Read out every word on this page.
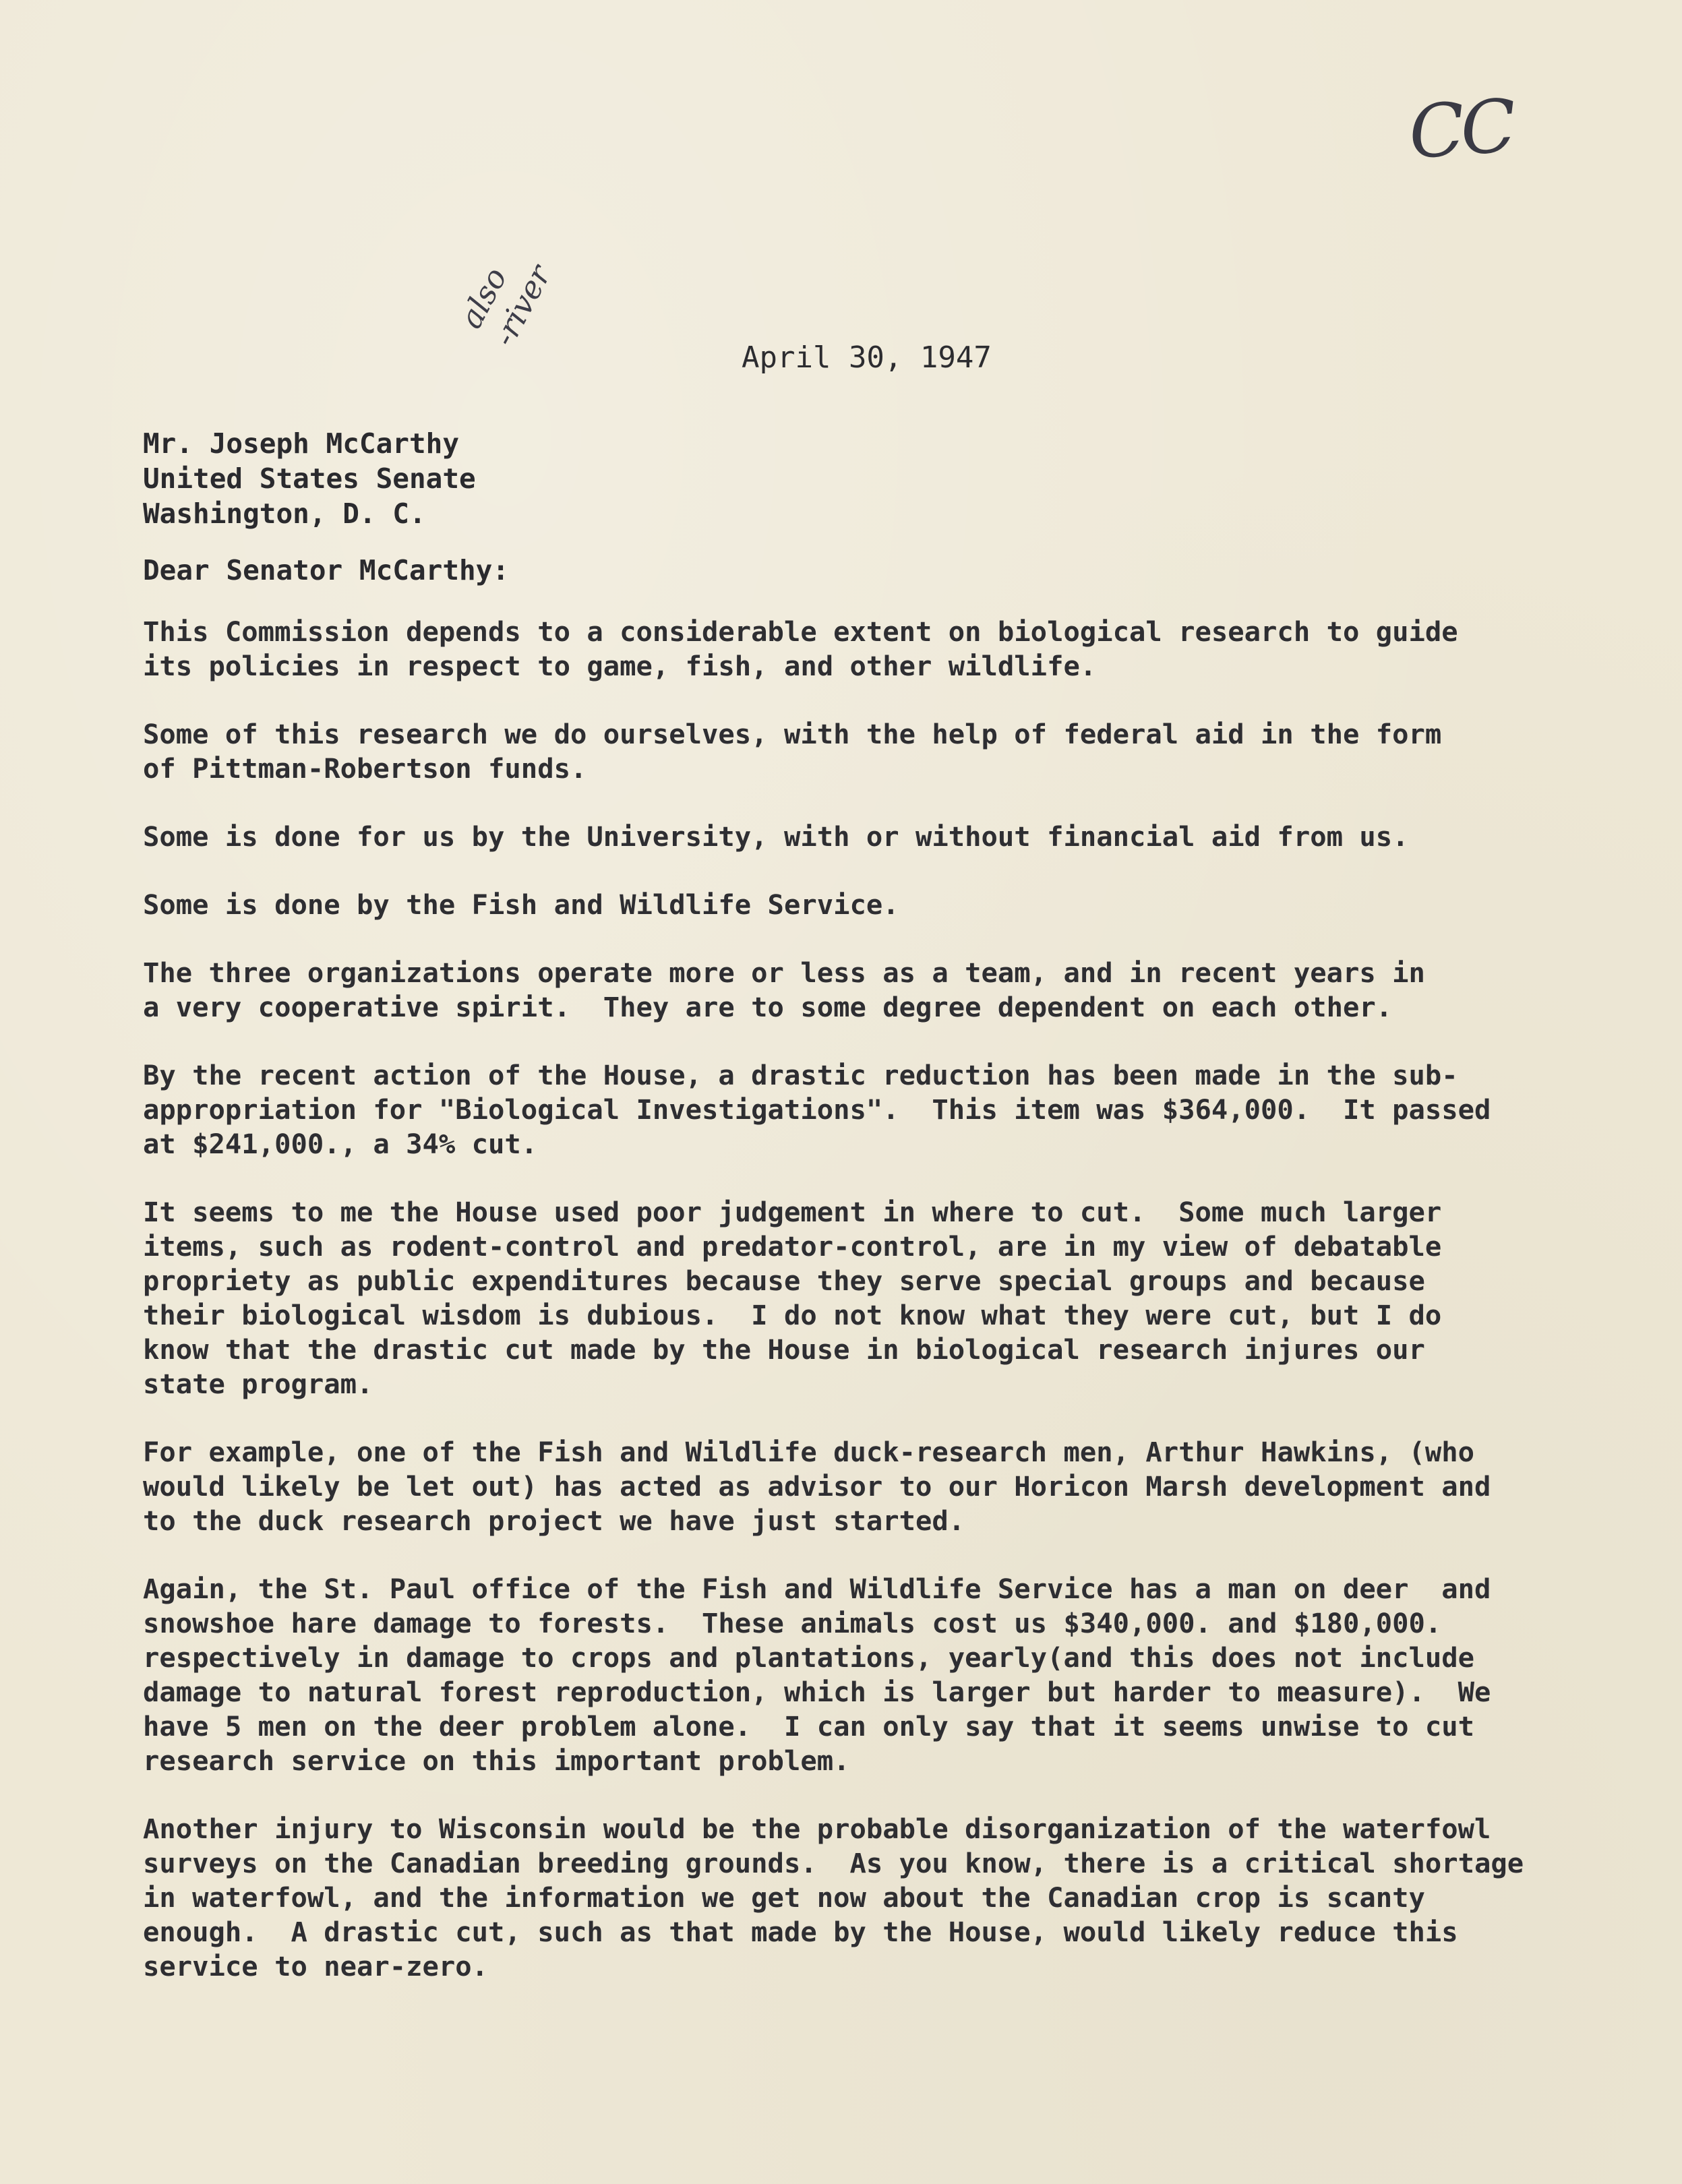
CC
also
-river
April 30, 1947
Mr. Joseph McCarthy
United States Senate
Washington, D. C.
Dear Senator McCarthy:
This Commission depends to a considerable extent on biological research to guide
its policies in respect to game, fish, and other wildlife.
Some of this research we do ourselves, with the help of federal aid in the form
of Pittman-Robertson funds.
Some is done for us by the University, with or without financial aid from us.
Some is done by the Fish and Wildlife Service.
The three organizations operate more or less as a team, and in recent years in
a very cooperative spirit.  They are to some degree dependent on each other.
By the recent action of the House, a drastic reduction has been made in the sub-
appropriation for "Biological Investigations".  This item was $364,000.  It passed
at $241,000., a 34% cut.
It seems to me the House used poor judgement in where to cut.  Some much larger
items, such as rodent-control and predator-control, are in my view of debatable
propriety as public expenditures because they serve special groups and because
their biological wisdom is dubious.  I do not know what they were cut, but I do
know that the drastic cut made by the House in biological research injures our
state program.
For example, one of the Fish and Wildlife duck-research men, Arthur Hawkins, (who
would likely be let out) has acted as advisor to our Horicon Marsh development and
to the duck research project we have just started.
Again, the St. Paul office of the Fish and Wildlife Service has a man on deer  and
snowshoe hare damage to forests.  These animals cost us $340,000. and $180,000.
respectively in damage to crops and plantations, yearly(and this does not include
damage to natural forest reproduction, which is larger but harder to measure).  We
have 5 men on the deer problem alone.  I can only say that it seems unwise to cut
research service on this important problem.
Another injury to Wisconsin would be the probable disorganization of the waterfowl
surveys on the Canadian breeding grounds.  As you know, there is a critical shortage
in waterfowl, and the information we get now about the Canadian crop is scanty
enough.  A drastic cut, such as that made by the House, would likely reduce this
service to near-zero.
